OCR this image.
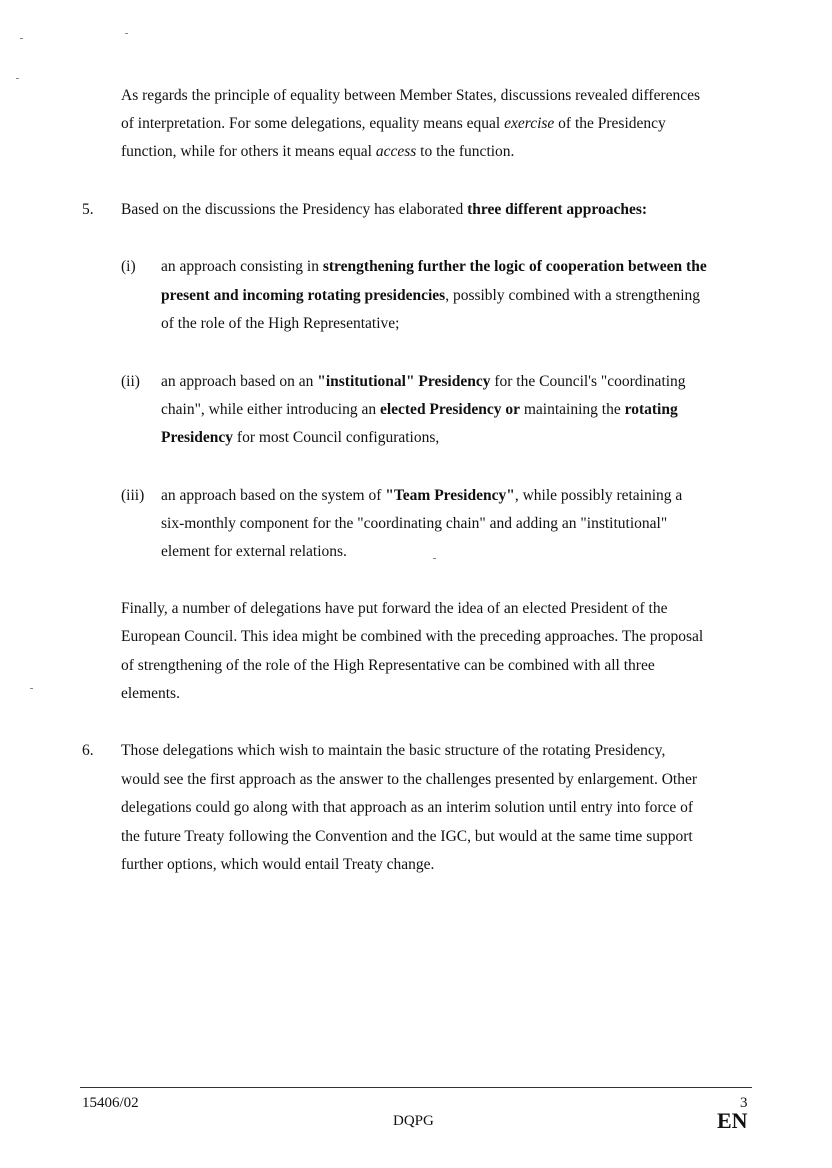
As regards the principle of equality between Member States, discussions revealed differences
of interpretation. For some delegations, equality means equal exercise of the Presidency
function, while for others it means equal access to the function.
5. Based on the discussions the Presidency has elaborated three different approaches:
(i) an approach consisting in strengthening further the logic of cooperation between the
present and incoming rotating presidencies, possibly combined with a strengthening
of the role of the High Representative;
(ii) an approach based on an "institutional" Presidency for the Council's "coordinating
chain", while either introducing an elected Presidency or maintaining the rotating
Presidency for most Council configurations,
(iii) an approach based on the system of "Team Presidency", while possibly retaining a
six-monthly component for the "coordinating chain" and adding an "institutional"
element for external relations.
Finally, a number of delegations have put forward the idea of an elected President of the
European Council. This idea might be combined with the preceding approaches. The proposal
of strengthening of the role of the High Representative can be combined with all three
elements.
6. Those delegations which wish to maintain the basic structure of the rotating Presidency,
would see the first approach as the answer to the challenges presented by enlargement. Other
delegations could go along with that approach as an interim solution until entry into force of
the future Treaty following the Convention and the IGC, but would at the same time support
further options, which would entail Treaty change.
15406/02
DQPG
3
EN
